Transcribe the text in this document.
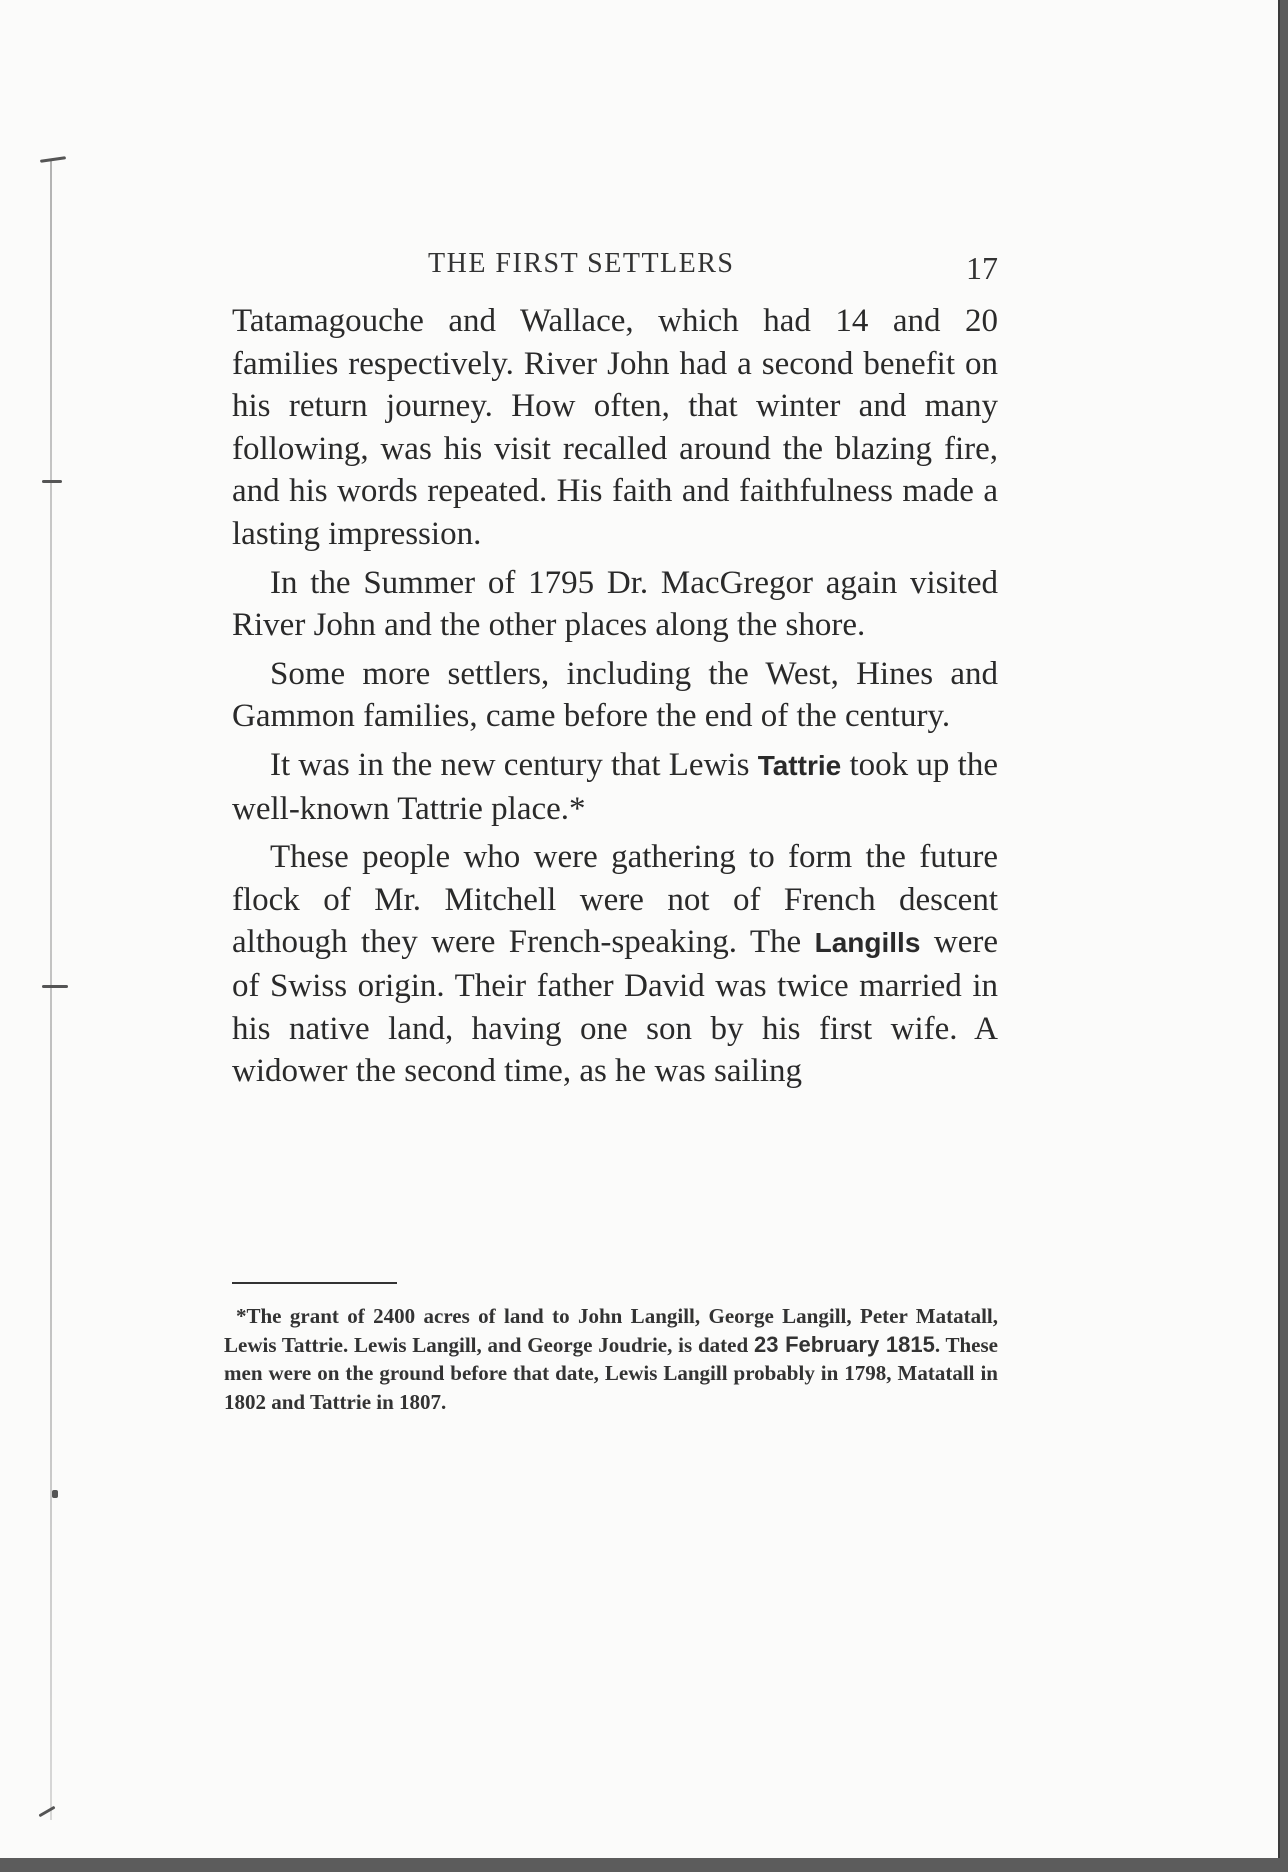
THE FIRST SETTLERS	17

Tatamagouche and Wallace, which had 14 and 20 families respectively. River John had a second benefit on his return journey. How often, that winter and many following, was his visit recalled around the blazing fire, and his words repeated. His faith and faithfulness made a lasting impression.

In the Summer of 1795 Dr. MacGregor again visited River John and the other places along the shore.

Some more settlers, including the West, Hines and Gammon families, came before the end of the century.

It was in the new century that Lewis Tattrie took up the well-known Tattrie place.*

These people who were gathering to form the future flock of Mr. Mitchell were not of French descent although they were French-speaking. The Langills were of Swiss origin. Their father David was twice married in his native land, having one son by his first wife. A widower the second time, as he was sailing

*The grant of 2400 acres of land to John Langill, George Langill, Peter Matatall, Lewis Tattrie. Lewis Langill, and George Joudrie, is dated 23 February 1815. These men were on the ground before that date, Lewis Langill probably in 1798, Matatall in 1802 and Tattrie in 1807.
